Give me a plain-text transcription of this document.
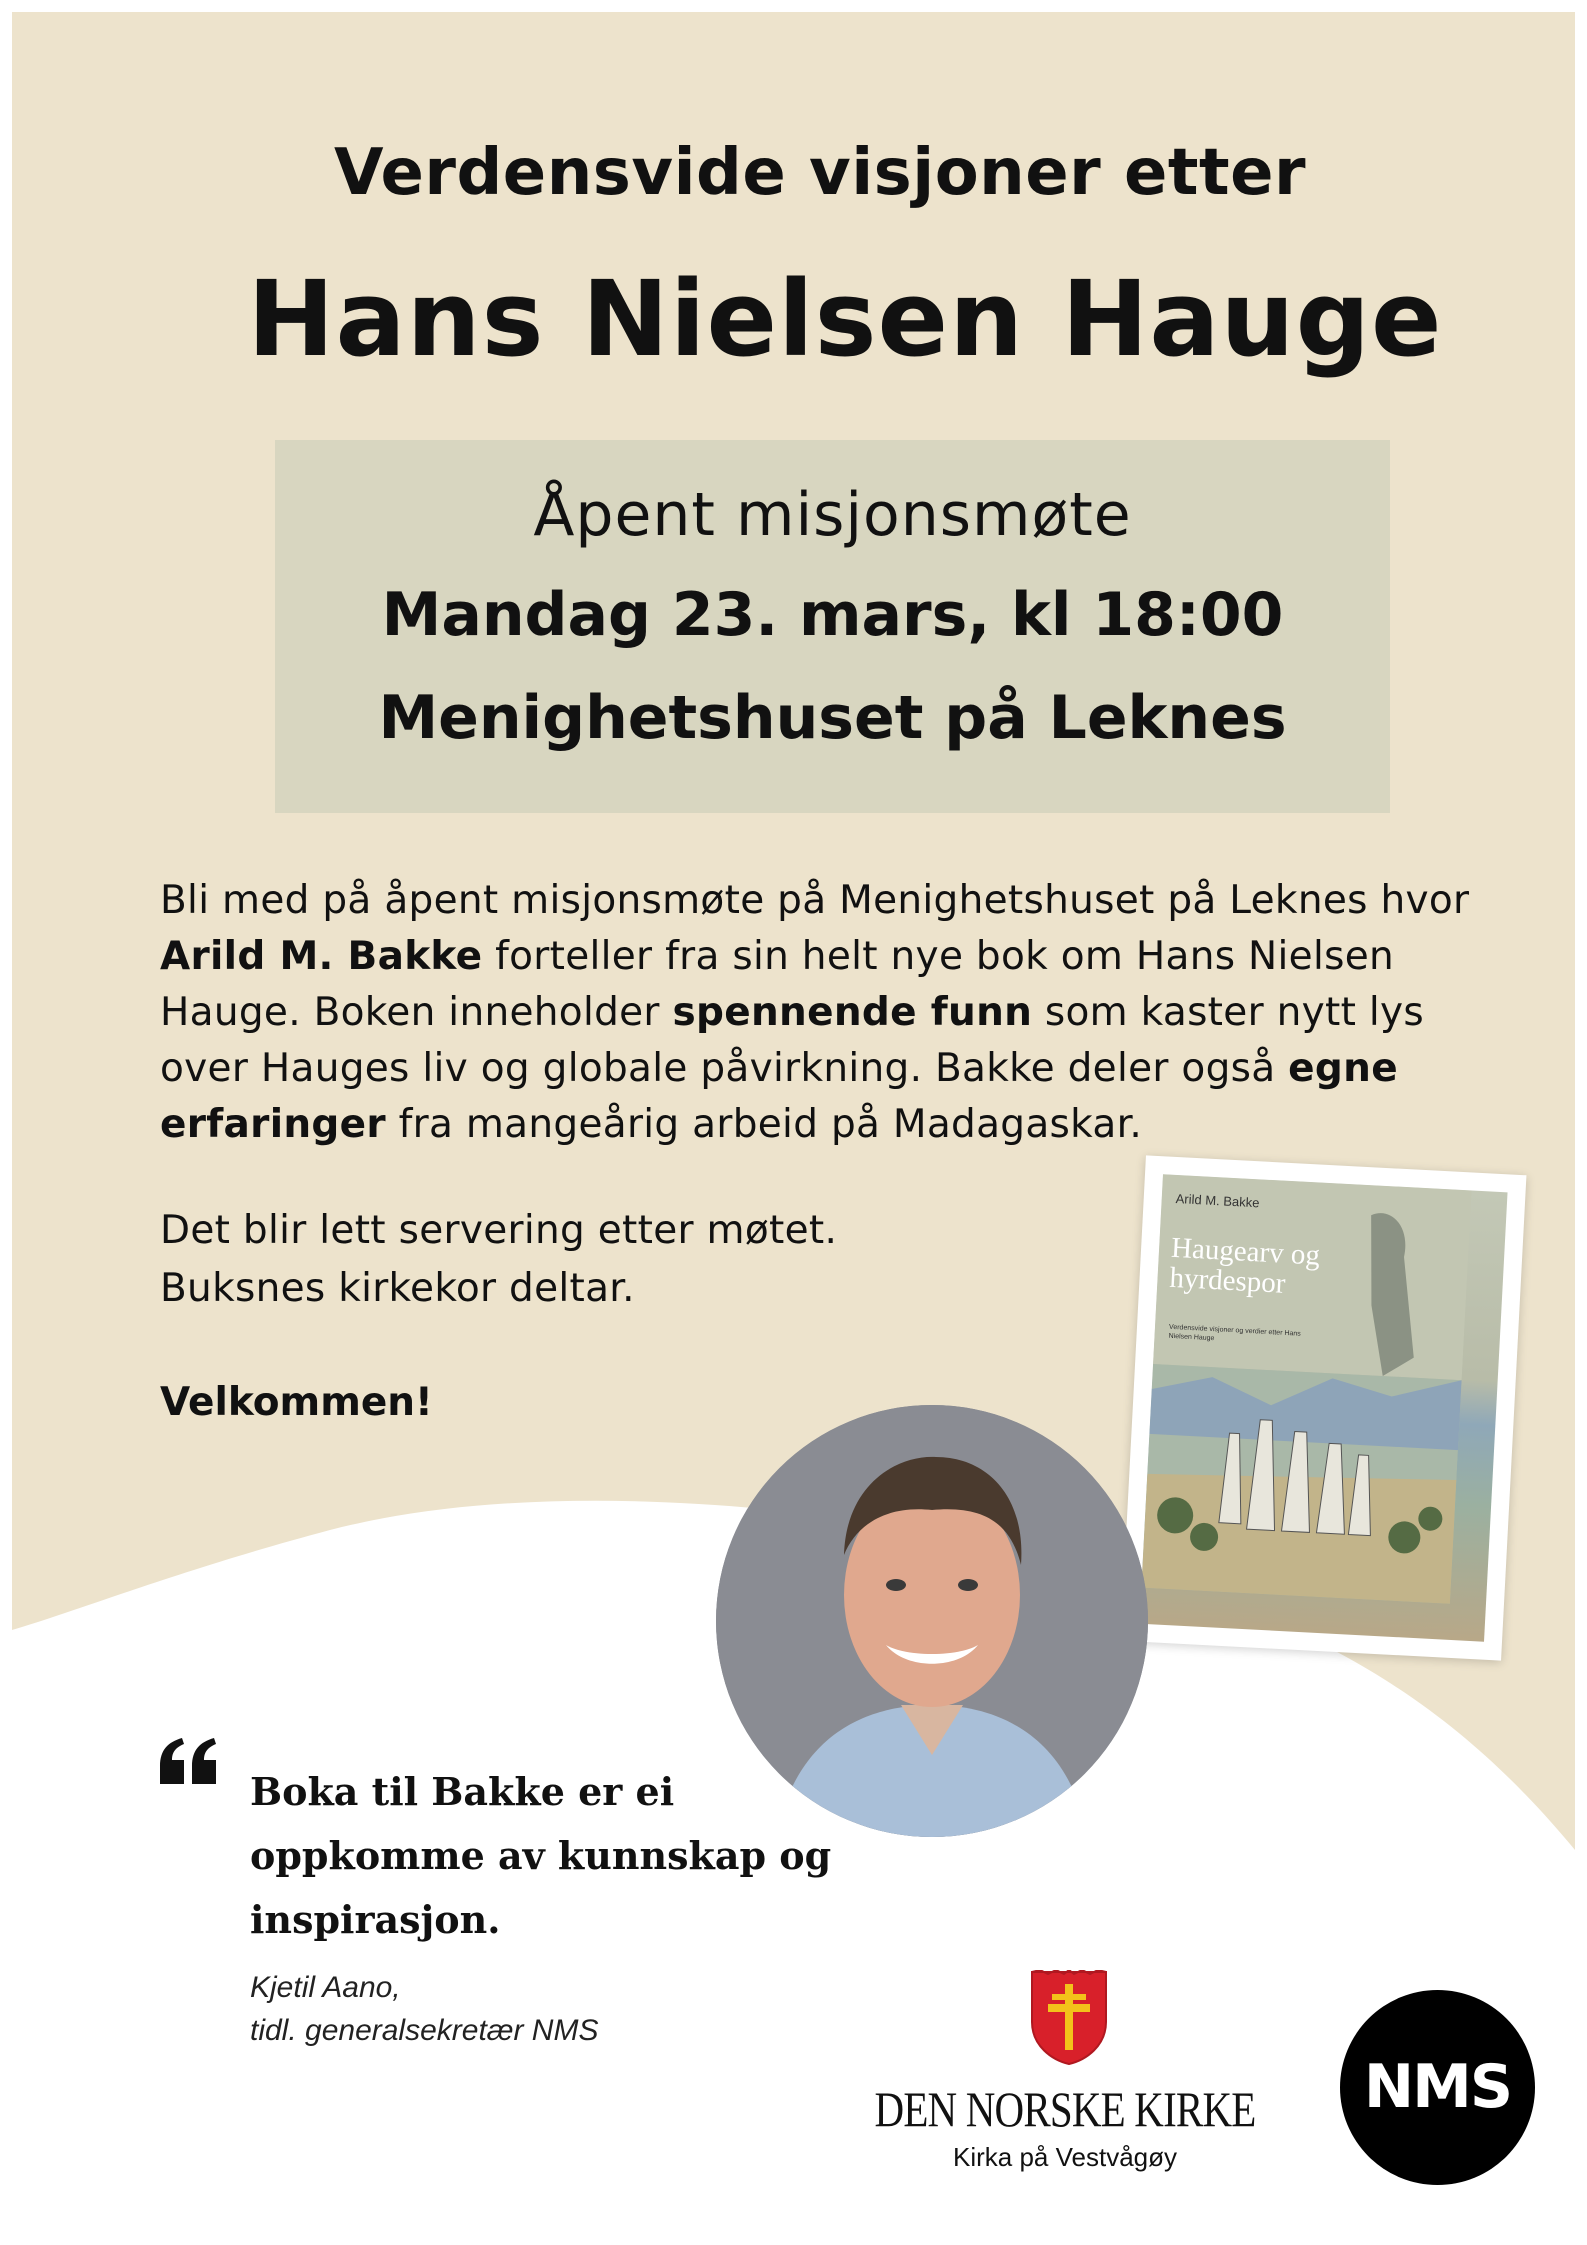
Verdensvide visjoner etter
Hans Nielsen Hauge
Åpent misjonsmøte
Mandag 23. mars, kl 18:00
Menighetshuset på Leknes
Bli med på åpent misjonsmøte på Menighetshuset på Leknes hvor Arild M. Bakke forteller fra sin helt nye bok om Hans Nielsen Hauge. Boken inneholder spennende funn som kaster nytt lys over Hauges liv og globale påvirkning. Bakke deler også egne erfaringer fra mangeårig arbeid på Madagaskar.
Det blir lett servering etter møtet.
Buksnes kirkekor deltar.
Velkommen!
Arild M. Bakke
Haugearv og hyrdespor
Verdensvide visjoner og verdier etter Hans Nielsen Hauge
Boka til Bakke er ei oppkomme av kunnskap og inspirasjon.
Kjetil Aano,
tidl. generalsekretær NMS
DEN NORSKE KIRKE
Kirka på Vestvågøy
NMS
